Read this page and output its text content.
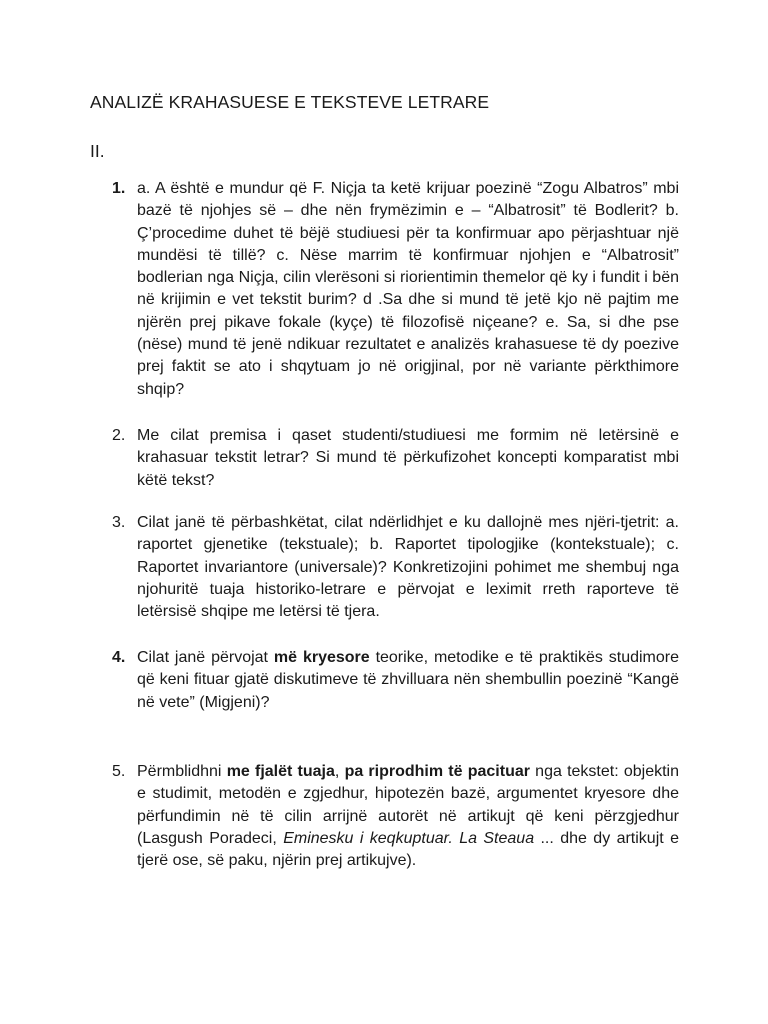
ANALIZË KRAHASUESE E TEKSTEVE LETRARE
II.
1. a. A është e mundur që F. Niçja ta ketë krijuar poezinë “Zogu Albatros” mbi bazë të njohjes së – dhe nën frymëzimin e – “Albatrosit” të Bodlerit? b. Ç’procedime duhet të bëjë studiuesi për ta konfirmuar apo përjashtuar një mundësi të tillë? c. Nëse marrim të konfirmuar njohjen e “Albatrosit” bodlerian nga Niçja, cilin vlerësoni si riorientimin themelor që ky i fundit i bën në krijimin e vet tekstit burim? d .Sa dhe si mund të jetë kjo në pajtim me njërën prej pikave fokale (kyçe) të filozofisë niçeane? e. Sa, si dhe pse (nëse) mund të jenë ndikuar rezultatet e analizës krahasuese të dy poezive prej faktit se ato i shqytuam jo në origjinal, por në variante përkthimore shqip?
2. Me cilat premisa i qaset studenti/studiuesi me formim në letërsinë e krahasuar tekstit letrar? Si mund të përkufizohet koncepti komparatist mbi këtë tekst?
3. Cilat janë të përbashkëtat, cilat ndërlidhjet e ku dallojnë mes njëri-tjetrit: a. raportet gjenetike (tekstuale); b. Raportet tipologjike (kontekstuale); c. Raportet invariantore (universale)? Konkretizojini pohimet me shembuj nga njohuritë tuaja historiko-letrare e përvojat e leximit rreth raporteve të letërsisë shqipe me letërsi të tjera.
4. Cilat janë përvojat më kryesore teorike, metodike e të praktikës studimore që keni fituar gjatë diskutimeve të zhvilluara nën shembullin poezinë “Kangë në vete” (Migjeni)?
5. Përmblidhni me fjalët tuaja, pa riprodhim të pacituar nga tekstet: objektin e studimit, metodën e zgjedhur, hipotezën bazë, argumentet kryesore dhe përfundimin në të cilin arrijnë autorët në artikujt që keni përzgjedhur (Lasgush Poradeci, Eminesku i keqkuptuar. La Steaua ... dhe dy artikujt e tjerë ose, së paku, njërin prej artikujve).
